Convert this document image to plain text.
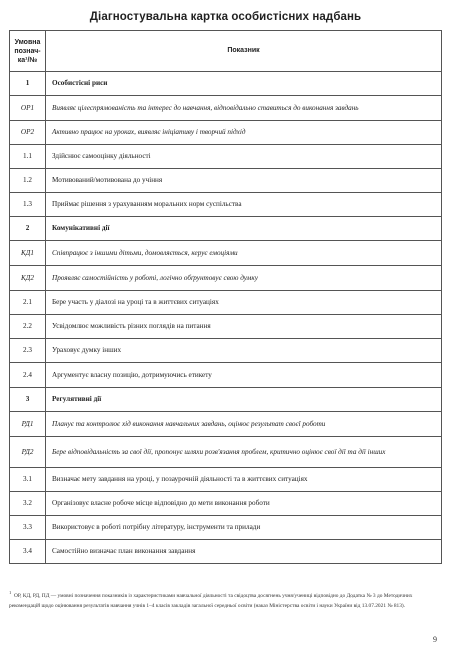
Діагностувальна картка особистісних надбань
Умовна
познач-
ка¹/№	Показник
1	Особистісні риси
ОР1	Виявляє цілеспрямованість та інтерес до навчання, відповідально ставиться до виконання завдань
ОР2	Активно працює на уроках, виявляє ініціативу і творчий підхід
1.1	Здійснює самооцінку діяльності
1.2	Мотивований/мотивована до учіння
1.3	Приймає рішення з урахуванням моральних норм суспільства
2	Комунікативні дії
КД1	Співпрацює з іншими дітьми, домовляється, керує емоціями
КД2	Проявляє самостійність у роботі, логічно обґрунтовує свою думку
2.1	Бере участь у діалозі на уроці та в життєвих ситуаціях
2.2	Усвідомлює можливість різних поглядів на питання
2.3	Ураховує думку інших
2.4	Аргументує власну позицію, дотримуючись етикету
3	Регулятивні дії
РД1	Планує та контролює хід виконання навчальних завдань, оцінює результат своєї роботи
РД2	Бере відповідальність за свої дії, пропонує шляхи розв'язання проблем, критично оцінює свої дії та дії інших
3.1	Визначає мету завдання на уроці, у позаурочній діяльності та в життєвих ситуаціях
3.2	Організовує власне робоче місце відповідно до мети виконання роботи
3.3	Використовує в роботі потрібну літературу, інструменти та прилади
3.4	Самостійно визначає план виконання завдання
$^1$  ОР, КД, РД, ПД — умовні позначення показників із характеристиками навчальної діяльності та свідоцтва досягнень учня/учениці відповідно до Додатка № 3 до Методичних рекомендацій щодо оцінювання результатів навчання учнів 1–4 класів закладів загальної середньої освіти (наказ Міністерства освіти і науки України від 13.07.2021 № 813).
9
